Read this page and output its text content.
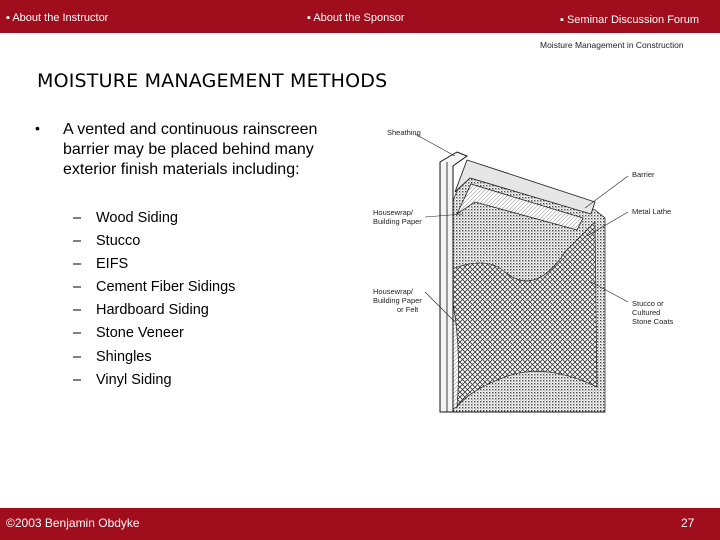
▪ About the Instructor	▪ About the Sponsor	▪ Seminar Discussion Forum
Moisture Management in Construction
MOISTURE MANAGEMENT METHODS
• A vented and continuous rainscreen barrier may be placed behind many exterior finish materials including:
– Wood Siding
– Stucco
– EIFS
– Cement Fiber Sidings
– Hardboard Siding
– Stone Veneer
– Shingles
– Vinyl Siding
Sheathing
Barrier
Housewrap/
Building Paper
Metal Lathe
Housewrap/
Building Paper
or Felt
Stucco or
Cultured
Stone Coats
©2003 Benjamin Obdyke	27
